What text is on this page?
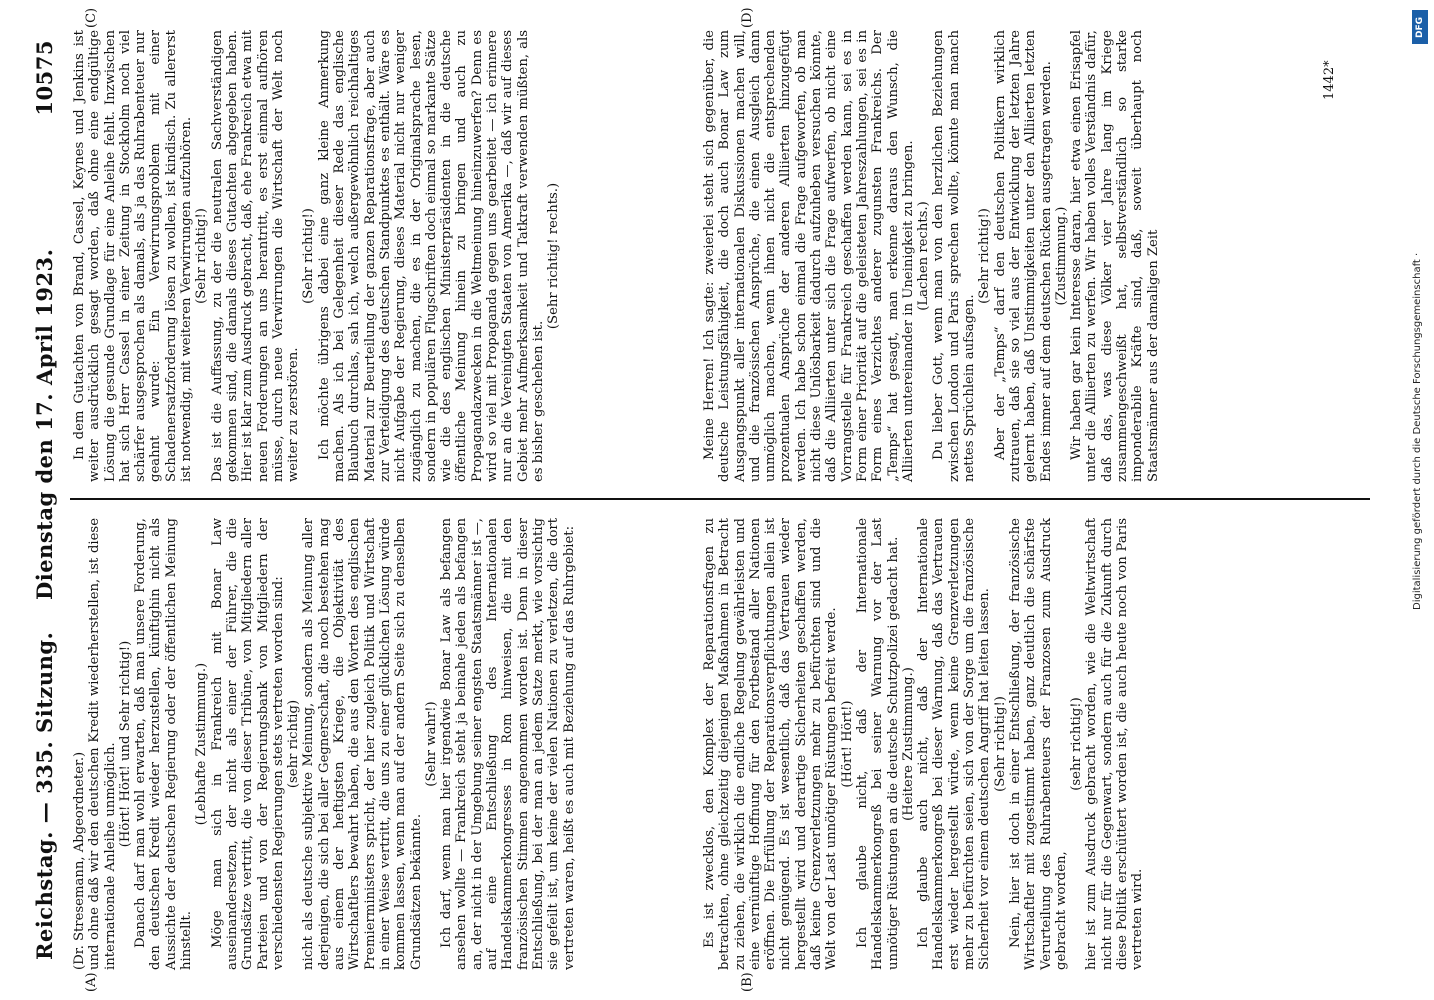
Reichstag. — 335. Sitzung.
Dienstag den 17. April 1923.
10575

(Dr. Stresemann, Abgeordneter.) und ohne daß wir den deutschen Kredit wiederherstellen, ist diese internationale Anleihe unmöglich. (Hört! Hört! und Sehr richtig!) Danach darf man wohl erwarten, daß man unsere Forderung, den deutschen Kredit wieder herzustellen, künftighin nicht als Aussichte der deutschen Regierung oder der öffentlichen Meinung hinstellt.

(Lebhafte Zustimmung.) Möge man sich in Frankreich mit Bonar Law auseinandersetzen, der nicht als einer der Führer, die die Grundsätze vertritt, die von dieser Tribüne, von Mitgliedern aller Parteien und von der Regierungsbank von Mitgliedern der verschiedensten Regierungen stets vertreten worden sind: (sehr richtig) nicht als deutsche subjektive Meinung, sondern als Meinung aller derjenigen, die sich bei aller Gegnerschaft, die noch bestehen mag aus einem der heftigsten Kriege, die Objektivität des Wirtschaftlers bewahrt haben, die aus den Worten des englischen Premierministers spricht, der hier zugleich Politik und Wirtschaft in einer Weise vertritt, die uns zu einer glücklichen Lösung würde kommen lassen, wenn man auf der andern Seite sich zu denselben Grundsätzen bekännte.

(Sehr wahr!) Ich darf, wenn man hier irgendwie Bonar Law als befangen ansehen wollte — Frankreich steht ja beinahe jeden als befangen an, der nicht in der Umgebung seiner engsten Staatsmänner ist —, auf eine Entschließung des Internationalen Handelskammerkongresses in Rom hinweisen, die mit den französischen Stimmen angenommen worden ist. Denn in dieser Entschließung, bei der man an jedem Satze merkt, wie vorsichtig sie gefeilt ist, um keine der vielen Nationen zu verletzen, die dort vertreten waren, heißt es auch mit Beziehung auf das Ruhrgebiet:

In dem Gutachten von Brand, Cassel, Keynes und Jenkins ist weiter ausdrücklich gesagt worden, daß ohne eine endgültige Lösung die gesunde Grundlage für eine Anleihe fehlt. Inzwischen hat sich Herr Cassel in einer Zeitung in Stockholm noch viel schärfer ausgesprochen als damals, als ja das Ruhrabenteuer nur geahnt wurde: Ein Verwirrungsproblem mit einer Schadenersatzforderung lösen zu wollen, ist kindisch. Zu allererst ist notwendig, mit weiteren Verwirrungen aufzuhören. (Sehr richtig!) Das ist die Auffassung, zu der die neutralen Sachverständigen gekommen sind, die damals dieses Gutachten abgegeben haben. Hier ist klar zum Ausdruck gebracht, daß, ehe Frankreich etwa mit neuen Forderungen an uns herantritt, es erst einmal aufhören müsse, durch neue Verwirrungen die Wirtschaft der Welt noch weiter zu zerstören.

(Sehr richtig!) Ich möchte übrigens dabei eine ganz kleine Anmerkung machen. Als ich bei Gelegenheit dieser Rede das englische Blaubuch durchlas, sah ich, welch außergewöhnlich reichhaltiges Material zur Beurteilung der ganzen Reparationsfrage, aber auch zur Verteidigung des deutschen Standpunktes es enthält. Wäre es nicht Aufgabe der Regierung, dieses Material nicht nur weniger zugänglich zu machen, die es in der Originalsprache lesen, sondern in populären Flugschriften doch einmal so markante Sätze wie die des englischen Ministerpräsidenten in die deutsche öffentliche Meinung hinein zu bringen und auch zu Propagandazwecken in die Weltmeinung hineinzuwerfen? Denn es wird so viel mit Propaganda gegen uns gearbeitet — ich erinnere nur an die Vereinigten Staaten von Amerika —, daß wir auf dieses Gebiet mehr Aufmerksamkeit und Tatkraft verwenden müßten, als es bisher geschehen ist.

(Sehr richtig! rechts.)

Es ist zwecklos, den Komplex der Reparationsfragen zu betrachten, ohne gleichzeitig diejenigen Maßnahmen in Betracht zu ziehen, die wirklich die endliche Regelung gewährleisten und eine vernünftige Hoffnung für den Fortbestand aller Nationen eröffnen. Die Erfüllung der Reparationsverpflichtungen allein ist nicht genügend. Es ist wesentlich, daß das Vertrauen wieder hergestellt wird und derartige Sicherheiten geschaffen werden, daß keine Grenzverletzungen mehr zu befürchten sind und die Welt von der Last unnötiger Rüstungen befreit werde. (Hört! Hört!) Ich glaube nicht, daß der Internationale Handelskammerkongreß bei seiner Warnung vor der Last unnötiger Rüstungen an die deutsche Schutzpolizei gedacht hat. (Heitere Zustimmung.) Ich glaube auch nicht, daß der Internationale Handelskammerkongreß bei dieser Warnung, daß das Vertrauen erst wieder hergestellt würde, wenn keine Grenzverletzungen mehr zu befürchten seien, sich von der Sorge um die französische Sicherheit vor einem deutschen Angriff hat leiten lassen. (Sehr richtig!) Nein, hier ist doch in einer Entschließung, der französische Wirtschaftler mit zugestimmt haben, ganz deutlich die schärfste Verurteilung des Ruhrabenteuers der Franzosen zum Ausdruck gebracht worden,

(sehr richtig!) hier ist zum Ausdruck gebracht worden, wie die Weltwirtschaft nicht nur für die Gegenwart, sondern auch für die Zukunft durch diese Politik erschüttert worden ist, die auch heute noch von Paris vertreten wird.

Meine Herren! Ich sagte: zweierlei steht sich gegenüber, die deutsche Leistungsfähigkeit, die doch auch Bonar Law zum Ausgangspunkt aller internationalen Diskussionen machen will, und die französischen Ansprüche, die einen Ausgleich dann unmöglich machen, wenn ihnen nicht die entsprechenden prozentualen Ansprüche der anderen Alliierten hinzugefügt werden. Ich habe schon einmal die Frage aufgeworfen, ob man nicht diese Unlösbarkeit dadurch aufzuheben versuchen könnte, daß die Alliierten unter sich die Frage aufwerfen, ob nicht eine Vorrangstelle für Frankreich geschaffen werden kann, sei es in Form einer Priorität auf die geleisteten Jahreszahlungen, sei es in Form eines Verzichtes anderer zugunsten Frankreichs. Der „Temps“ hat gesagt, man erkenne daraus den Wunsch, die Alliierten untereinander in Uneinigkeit zu bringen. (Lachen rechts.) Du lieber Gott, wenn man von den herzlichen Beziehungen zwischen London und Paris sprechen wollte, könnte man manch nettes Sprüchlein aufsagen.

(Sehr richtig!) Aber der „Temps“ darf den deutschen Politikern wirklich zutrauen, daß sie so viel aus der Entwicklung der letzten Jahre gelernt haben, daß Unstimmigkeiten unter den Alliierten letzten Endes immer auf dem deutschen Rücken ausgetragen werden. (Zustimmung.) Wir haben gar kein Interesse daran, hier etwa einen Erisapfel unter die Alliierten zu werfen. Wir haben volles Verständnis dafür, daß das, was diese Völker vier Jahre lang im Kriege zusammengeschweißt hat, selbstverständlich so starke imponderabile Kräfte sind, daß, soweit überhaupt noch Staatsmänner aus der damaligen Zeit

(A)	(B)
(C)	(D)
1442*
DFG
Digitalisierung gefördert durch die Deutsche Forschungsgemeinschaft ·
